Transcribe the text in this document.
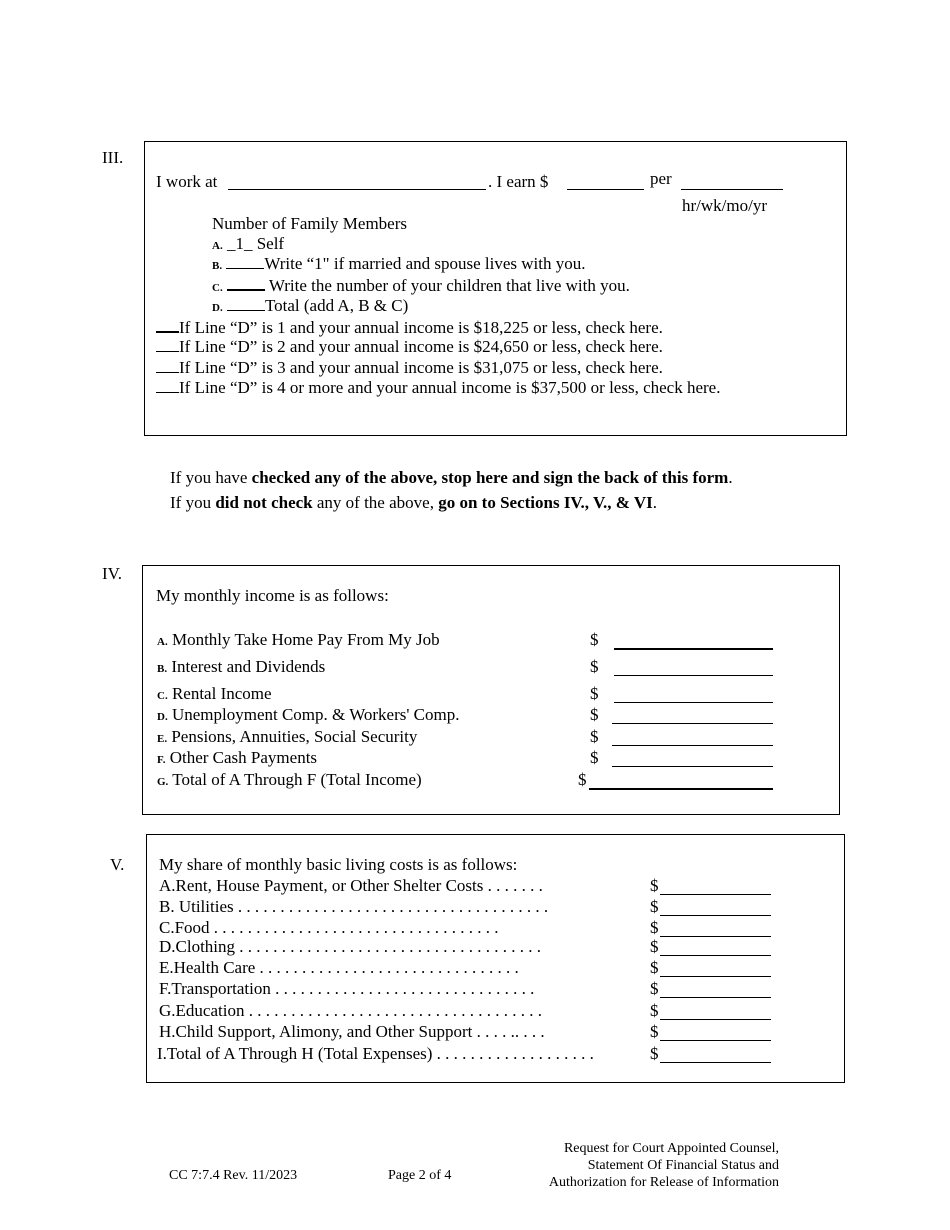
III.
I work at	. I earn $	per
hr/wk/mo/yr
Number of Family Members
A. _1_ Self
B. Write “1" if married and spouse lives with you.
C.	Write the number of your children that live with you.
D. Total (add A, B & C)
If Line “D” is 1 and your annual income is $18,225 or less, check here.
If Line “D” is 2 and your annual income is $24,650 or less, check here.
If Line “D” is 3 and your annual income is $31,075 or less, check here.
If Line “D” is 4 or more and your annual income is $37,500 or less, check here.
If you have checked any of the above, stop here and sign the back of this form.
If you did not check any of the above, go on to Sections IV., V., & VI.
IV.
My monthly income is as follows:
A. Monthly Take Home Pay From My Job	$
B. Interest and Dividends	$
C. Rental Income	$
D. Unemployment Comp. & Workers' Comp.	$
E. Pensions, Annuities, Social Security	$
F. Other Cash Payments	$
G. Total of A Through F (Total Income)	$
V. My share of monthly basic living costs is as follows:
A.Rent, House Payment, or Other Shelter Costs . . . . . . .	$
B. Utilities . . . . . . . . . . . . . . . . . . . . . . . . . . . . . . . . . . . . .	$
C.Food . . . . . . . . . . . . . . . . . . . . . . . . . . . . . . . . . .	$
D.Clothing . . . . . . . . . . . . . . . . . . . . . . . . . . . . . . . . . . . .	$
E.Health Care . . . . . . . . . . . . . . . . . . . . . . . . . . . . . . .	$
F.Transportation . . . . . . . . . . . . . . . . . . . . . . . . . . . . . . .	$
G.Education . . . . . . . . . . . . . . . . . . . . . . . . . . . . . . . . . . .	$
H.Child Support, Alimony, and Other Support . . . . .. . . .	$
I.Total of A Through H (Total Expenses) . . . . . . . . . . . . . . . . . . .	$
CC 7:7.4 Rev. 11/2023	Page 2 of 4
Request for Court Appointed Counsel,
Statement Of Financial Status and
Authorization for Release of Information
